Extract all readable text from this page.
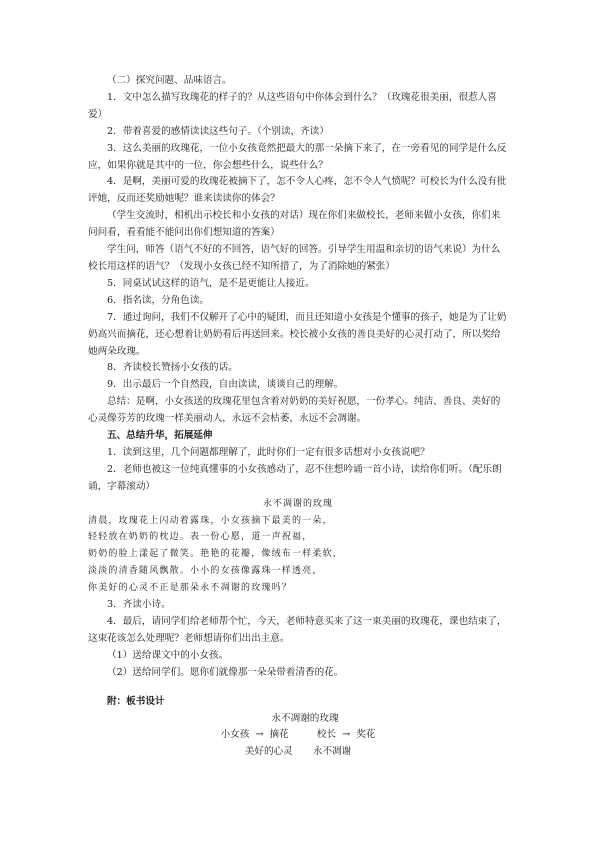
（二）探究问题、品味语言。

1．文中怎么描写玫瑰花的样子的？从这些语句中你体会到什么？（玫瑰花很美丽，很惹人喜爱）

2．带着喜爱的感情读读这些句子。（个别读，齐读）

3．这么美丽的玫瑰花，一位小女孩竟然把最大的那一朵摘下来了，在一旁看见的同学是什么反应，如果你就是其中的一位，你会想些什么，说些什么？

4．是啊，美丽可爱的玫瑰花被摘下了，怎不令人心疼，怎不令人气愤呢？可校长为什么没有批评她，反而还奖励她呢？谁来读读你的体会？

（学生交流时，相机出示校长和小女孩的对话）现在你们来做校长，老师来做小女孩，你们来问问看，看看能不能问出你们想知道的答案）

学生问，师答（语气不好的不回答，语气好的回答。引导学生用温和亲切的语气来说）为什么校长用这样的语气？（发现小女孩已经不知所措了，为了消除她的紧张）

5．同桌试试这样的语气，是不是更能让人接近。

6．指名读，分角色读。

7．通过询问，我们不仅解开了心中的疑团，而且还知道小女孩是个懂事的孩子，她是为了让奶奶高兴而摘花，还心想着让奶奶看后再送回来。校长被小女孩的善良美好的心灵打动了，所以奖给她两朵玫瑰。

8．齐读校长赞扬小女孩的话。

9．出示最后一个自然段，自由读读，谈谈自己的理解。

总结：是啊，小女孩送的玫瑰花里包含着对奶奶的美好祝愿，一份孝心。纯洁、善良、美好的心灵像芬芳的玫瑰一样美丽动人，永远不会枯萎，永远不会凋谢。

五、总结升华，拓展延伸

1．读到这里，几个问题都理解了，此时你们一定有很多话想对小女孩说吧？

2．老师也被这一位纯真懂事的小女孩感动了，忍不住想吟诵一首小诗，读给你们听。（配乐朗诵，字幕滚动）

永不凋谢的玫瑰

清晨，玫瑰花上闪动着露珠，小女孩摘下最美的一朵，

轻轻放在奶奶的枕边。表一份心愿，道一声祝福，

奶奶的脸上漾起了微笑。艳艳的花瓣，像绒布一样柔软，

淡淡的清香随风飘散。小小的女孩像露珠一样透亮，

你美好的心灵不正是那朵永不凋谢的玫瑰吗？

3．齐读小诗。

4．最后，请同学们给老师帮个忙，今天，老师特意买来了这一束美丽的玫瑰花，课也结束了，这束花该怎么处理呢？老师想请你们出出主意。

（1）送给课文中的小女孩。

（2）送给同学们。愿你们就像那一朵朵带着清香的花。

附：板书设计

永不凋谢的玫瑰

小女孩 → 摘花	校长 → 奖花

美好的心灵 永不凋谢
